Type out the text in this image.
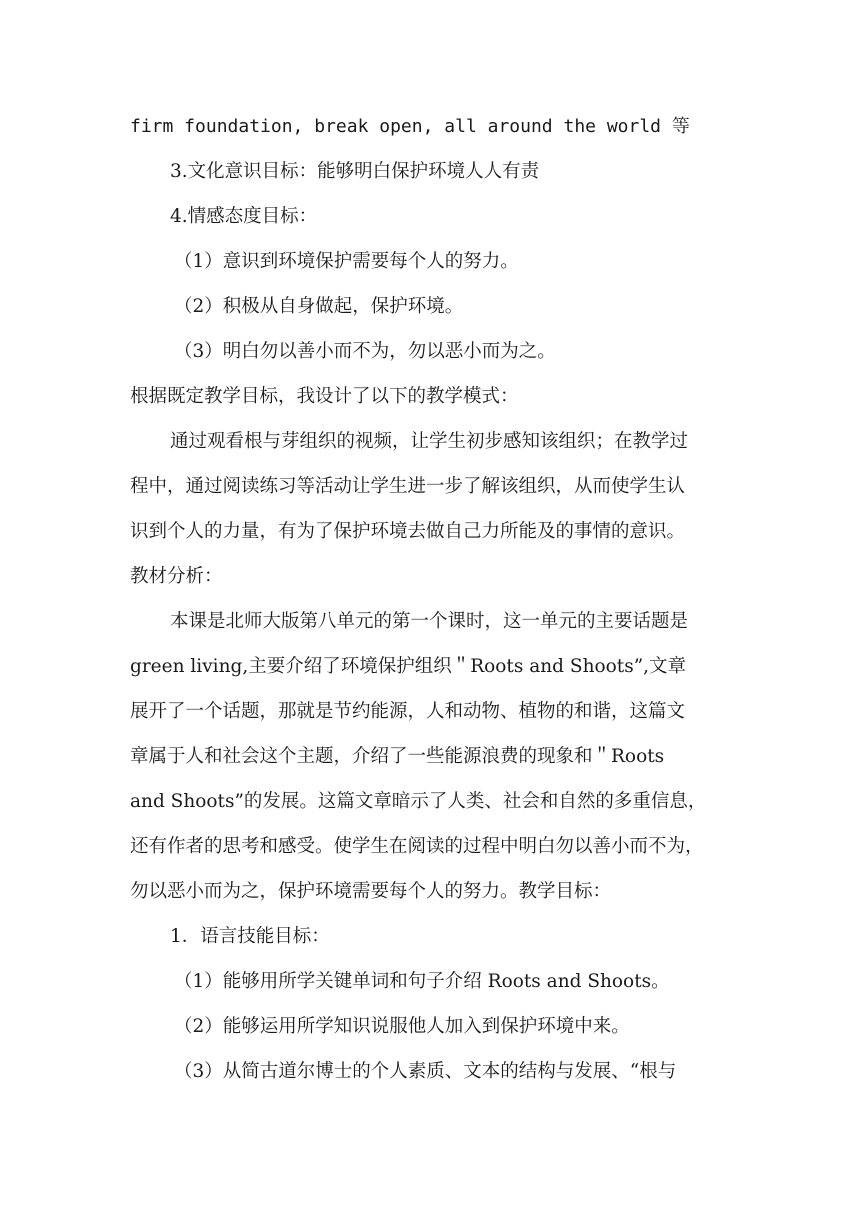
firm foundation, break open, all around the world 等
3.文化意识目标：能够明白保护环境人人有责
4.情感态度目标：
（1）意识到环境保护需要每个人的努力。
（2）积极从自身做起，保护环境。
（3）明白勿以善小而不为，勿以恶小而为之。
根据既定教学目标，我设计了以下的教学模式：
通过观看根与芽组织的视频，让学生初步感知该组织；在教学过
程中，通过阅读练习等活动让学生进一步了解该组织，从而使学生认
识到个人的力量，有为了保护环境去做自己力所能及的事情的意识。
教材分析：
本课是北师大版第八单元的第一个课时，这一单元的主要话题是
green living,主要介绍了环境保护组织＂Roots and Shoots”,文章
展开了一个话题，那就是节约能源，人和动物、植物的和谐，这篇文
章属于人和社会这个主题，介绍了一些能源浪费的现象和＂Roots
and Shoots”的发展。这篇文章暗示了人类、社会和自然的多重信息，
还有作者的思考和感受。使学生在阅读的过程中明白勿以善小而不为，
勿以恶小而为之，保护环境需要每个人的努力。教学目标：
1．语言技能目标：
（1）能够用所学关键单词和句子介绍 Roots and Shoots。
（2）能够运用所学知识说服他人加入到保护环境中来。
（3）从简古道尔博士的个人素质、文本的结构与发展、“根与
